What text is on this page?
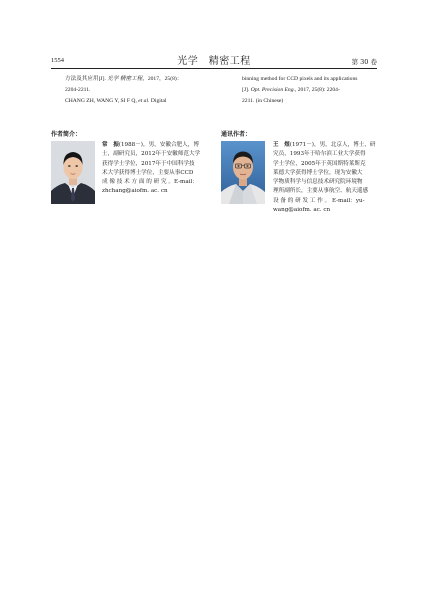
1554	光学　精密工程	第 30 卷
方法及其应用[J]. 光学 精密工程，2017，25(8)：
2204-2211.
CHANG ZH, WANG Y, SI F Q, et al. Digital
binning method for CCD pixels and its applications
[J]. Opt. Precision Eng., 2017, 25(8): 2204-
2211. (in Chinese)
作者简介：
常　振(1988－)，男，安徽合肥人，博
士，副研究员，2012年于安徽师范大学
获得学士学位，2017年于中国科学技
术大学获得博士学位，主要从事CCD
成 像 技 术 方 面 的 研 究 。E-mail：
zhchang@aiofm. ac. cn
通讯作者：
王　煜(1971－)，男，北京人，博士，研
究员，1993年于哈尔滨工业大学获得
学士学位，2005年于英国斯特莱斯克
莱德大学获得博士学位，现为安徽大
学物质科学与信息技术研究院环境物
理所副所长，主要从事航空、航天遥感
设 备 的 研 发 工 作 。 E-mail：yu-
wang@aiofm. ac. cn
